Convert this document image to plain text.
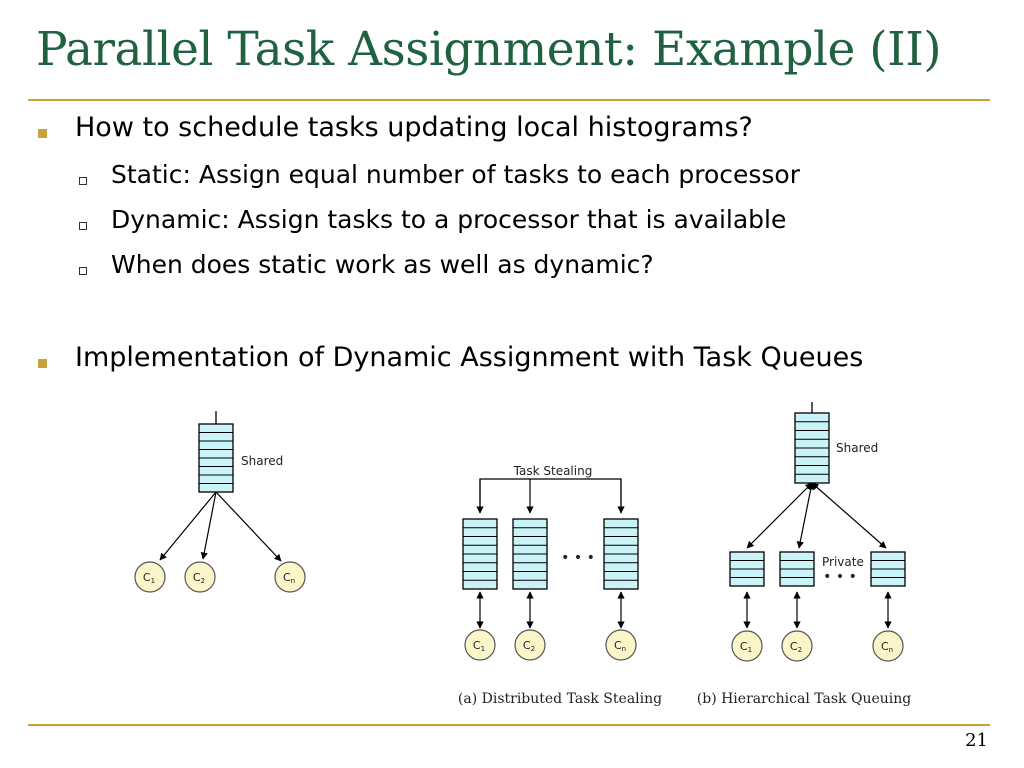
Parallel Task Assignment: Example (II)
How to schedule tasks updating local histograms?
Static: Assign equal number of tasks to each processor
Dynamic: Assign tasks to a processor that is available
When does static work as well as dynamic?
Implementation of Dynamic Assignment with Task Queues
Shared
C1	C2	Cn
Task Stealing
• • •
C1	C2	Cn
(a) Distributed Task Stealing
Shared
Private
• • •
C1	C2	Cn
(b) Hierarchical Task Queuing
21
